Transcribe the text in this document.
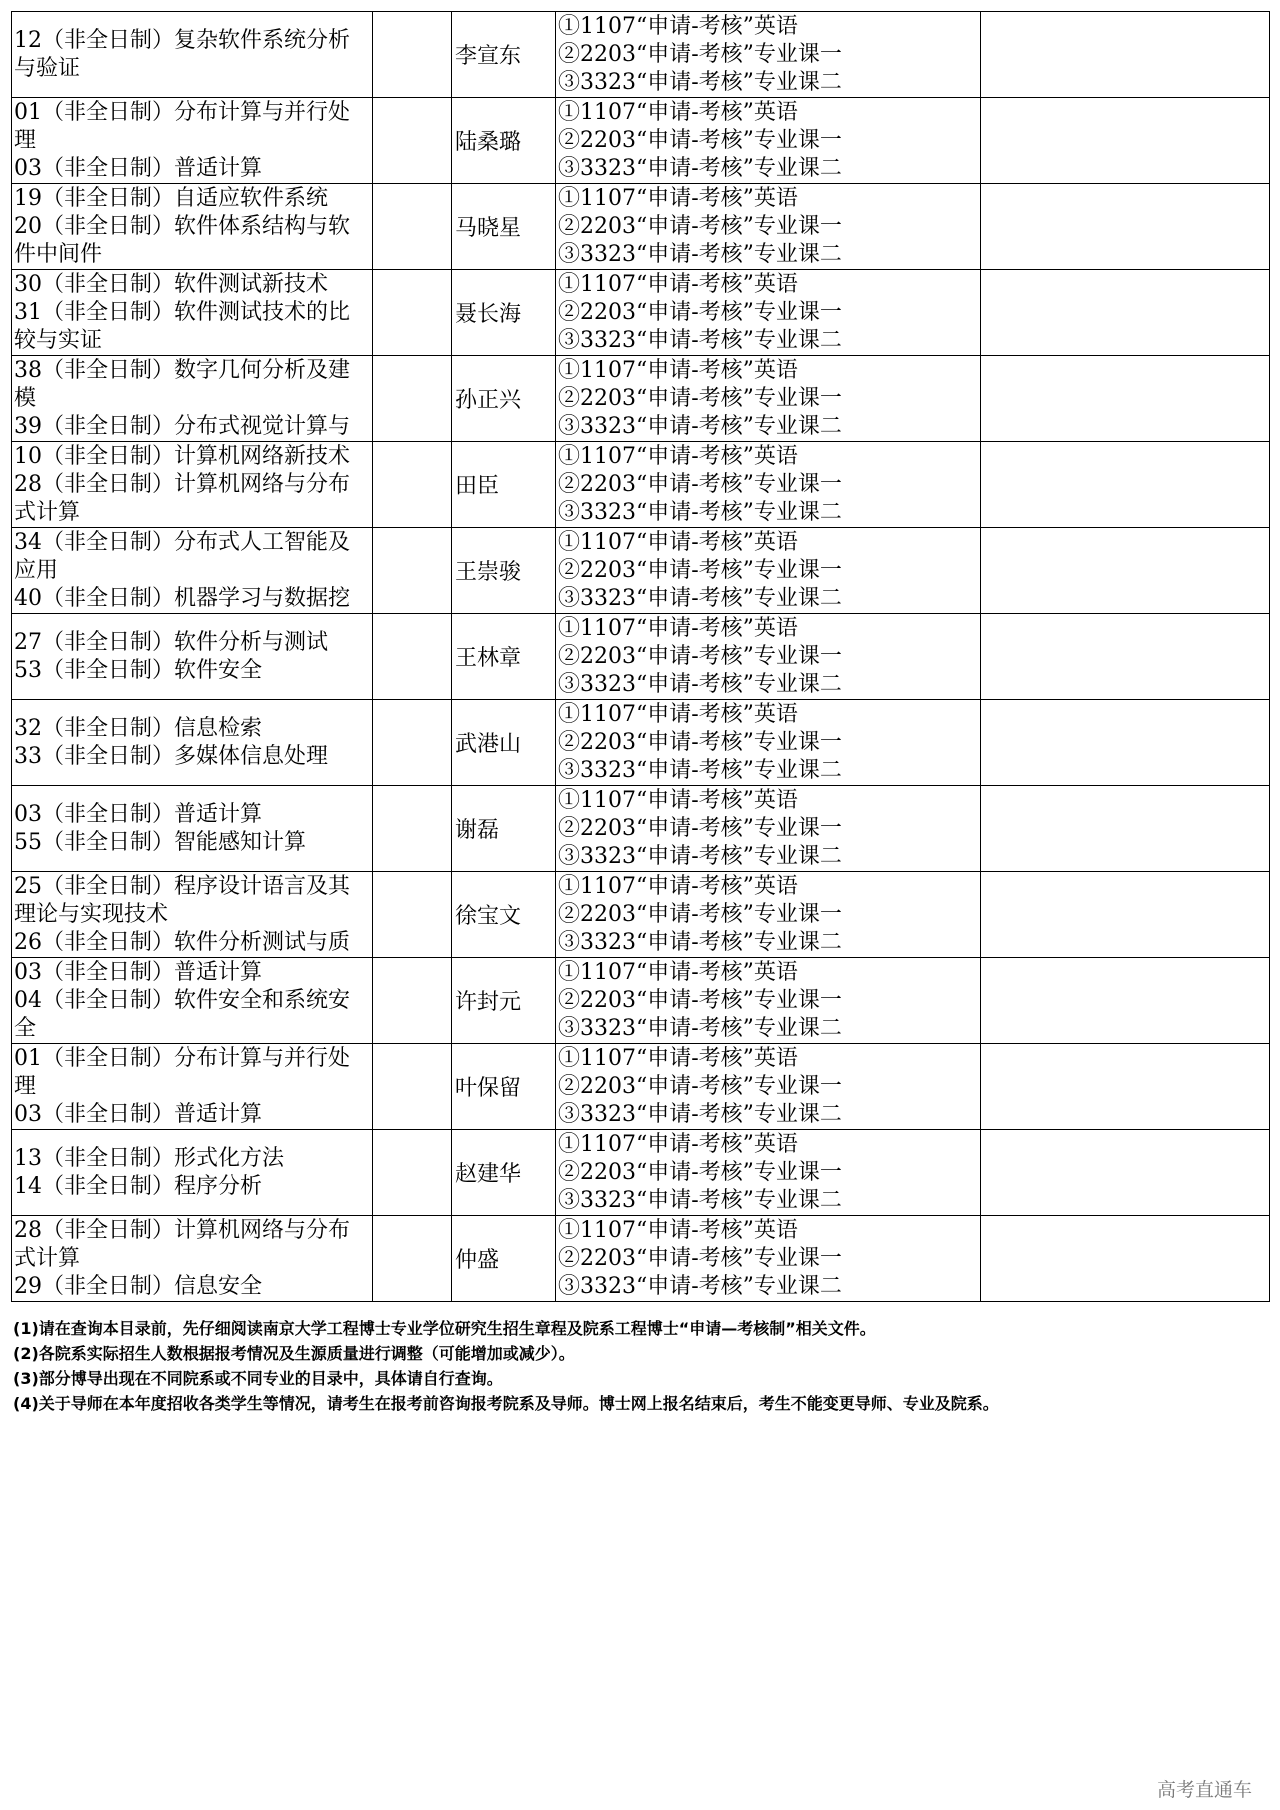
12（非全日制）复杂软件系统分析
与验证		李宣东	①1107“申请-考核”英语
②2203“申请-考核”专业课一
③3323“申请-考核”专业课二	

01（非全日制）分布计算与并行处
理
03（非全日制）普适计算		陆桑璐	①1107“申请-考核”英语
②2203“申请-考核”专业课一
③3323“申请-考核”专业课二	

19（非全日制）自适应软件系统
20（非全日制）软件体系结构与软
件中间件		马晓星	①1107“申请-考核”英语
②2203“申请-考核”专业课一
③3323“申请-考核”专业课二	

30（非全日制）软件测试新技术
31（非全日制）软件测试技术的比
较与实证		聂长海	①1107“申请-考核”英语
②2203“申请-考核”专业课一
③3323“申请-考核”专业课二	

38（非全日制）数字几何分析及建
模
39（非全日制）分布式视觉计算与		孙正兴	①1107“申请-考核”英语
②2203“申请-考核”专业课一
③3323“申请-考核”专业课二	

10（非全日制）计算机网络新技术
28（非全日制）计算机网络与分布
式计算		田臣	①1107“申请-考核”英语
②2203“申请-考核”专业课一
③3323“申请-考核”专业课二	

34（非全日制）分布式人工智能及
应用
40（非全日制）机器学习与数据挖		王崇骏	①1107“申请-考核”英语
②2203“申请-考核”专业课一
③3323“申请-考核”专业课二	

27（非全日制）软件分析与测试
53（非全日制）软件安全		王林章	①1107“申请-考核”英语
②2203“申请-考核”专业课一
③3323“申请-考核”专业课二	

32（非全日制）信息检索
33（非全日制）多媒体信息处理		武港山	①1107“申请-考核”英语
②2203“申请-考核”专业课一
③3323“申请-考核”专业课二	

03（非全日制）普适计算
55（非全日制）智能感知计算		谢磊	①1107“申请-考核”英语
②2203“申请-考核”专业课一
③3323“申请-考核”专业课二	

25（非全日制）程序设计语言及其
理论与实现技术
26（非全日制）软件分析测试与质		徐宝文	①1107“申请-考核”英语
②2203“申请-考核”专业课一
③3323“申请-考核”专业课二	

03（非全日制）普适计算
04（非全日制）软件安全和系统安
全		许封元	①1107“申请-考核”英语
②2203“申请-考核”专业课一
③3323“申请-考核”专业课二	

01（非全日制）分布计算与并行处
理
03（非全日制）普适计算		叶保留	①1107“申请-考核”英语
②2203“申请-考核”专业课一
③3323“申请-考核”专业课二	

13（非全日制）形式化方法
14（非全日制）程序分析		赵建华	①1107“申请-考核”英语
②2203“申请-考核”专业课一
③3323“申请-考核”专业课二	

28（非全日制）计算机网络与分布
式计算
29（非全日制）信息安全		仲盛	①1107“申请-考核”英语
②2203“申请-考核”专业课一
③3323“申请-考核”专业课二	

(1)请在查询本目录前，先仔细阅读南京大学工程博士专业学位研究生招生章程及院系工程博士“申请—考核制”相关文件。
(2)各院系实际招生人数根据报考情况及生源质量进行调整（可能增加或减少）。
(3)部分博导出现在不同院系或不同专业的目录中，具体请自行查询。
(4)关于导师在本年度招收各类学生等情况，请考生在报考前咨询报考院系及导师。博士网上报名结束后，考生不能变更导师、专业及院系。
高考直通车
